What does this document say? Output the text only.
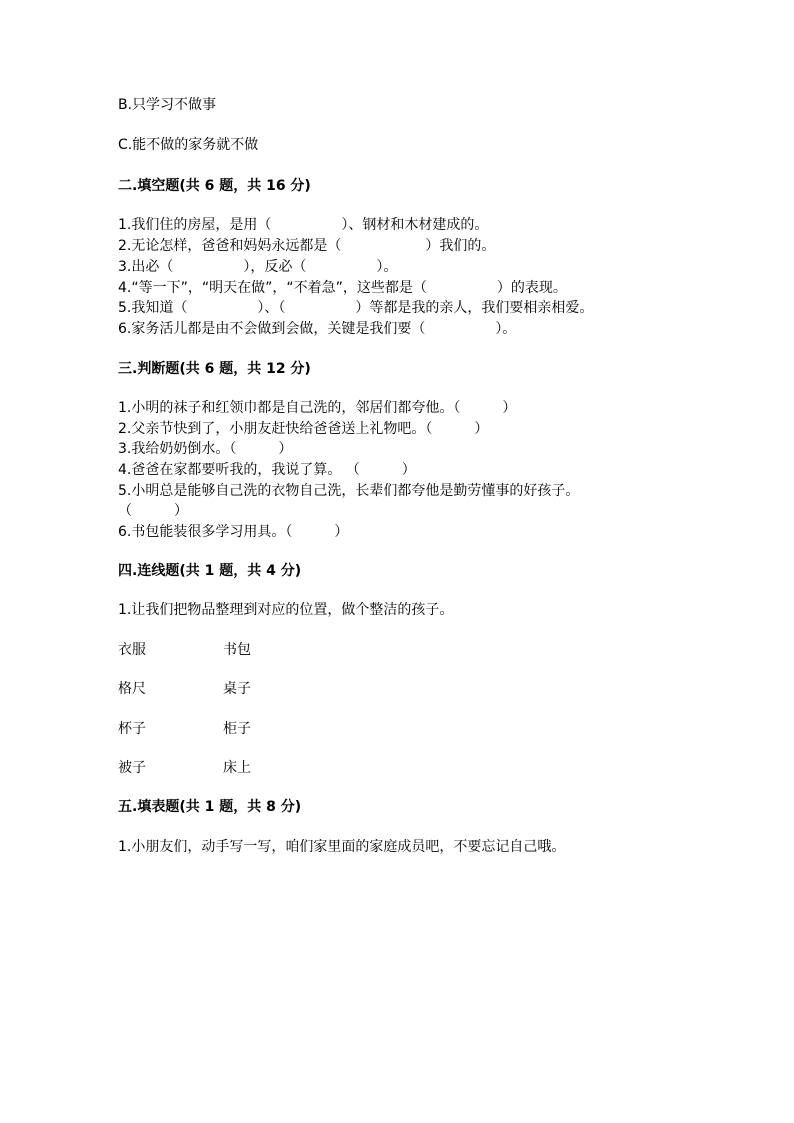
B.只学习不做事
C.能不做的家务就不做
二.填空题(共 6 题，共 16 分)
1.我们住的房屋，是用（　　　　　）、钢材和木材建成的。
2.无论怎样，爸爸和妈妈永远都是（　　　　　　）我们的。
3.出必（　　　　　），反必（　　　　　）。
4.“等一下”，“明天在做”，“不着急”，这些都是（　　　　　）的表现。
5.我知道（　　　　　）、（　　　　　）等都是我的亲人，我们要相亲相爱。
6.家务活儿都是由不会做到会做，关键是我们要（　　　　　）。
三.判断题(共 6 题，共 12 分)
1.小明的袜子和红领巾都是自己洗的，邻居们都夸他。（　　　）
2.父亲节快到了，小朋友赶快给爸爸送上礼物吧。（　　　）
3.我给奶奶倒水。（　　　）
4.爸爸在家都要听我的，我说了算。 （　　　）
5.小明总是能够自己洗的衣物自己洗，长辈们都夸他是勤劳懂事的好孩子。
（　　　）
6.书包能装很多学习用具。（　　　）
四.连线题(共 1 题，共 4 分)
1.让我们把物品整理到对应的位置，做个整洁的孩子。
衣服	书包
格尺	桌子
杯子	柜子
被子	床上
五.填表题(共 1 题，共 8 分)
1.小朋友们，动手写一写，咱们家里面的家庭成员吧，不要忘记自己哦。
